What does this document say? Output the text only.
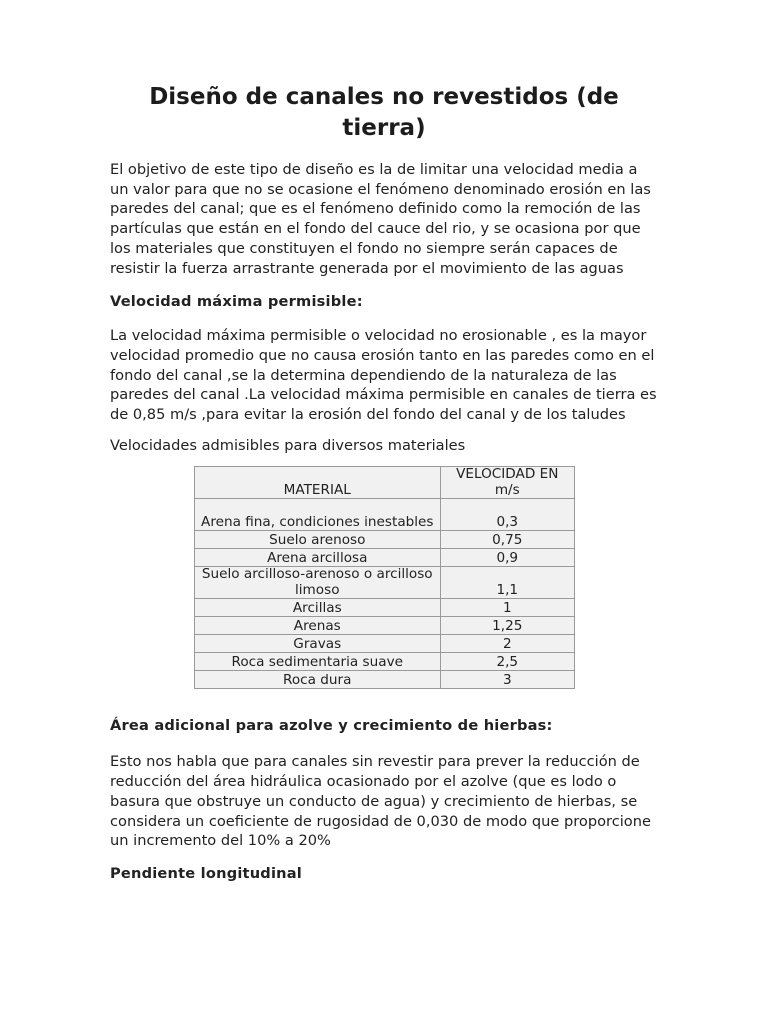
Diseño de canales no revestidos (de tierra)

El objetivo de este tipo de diseño es la de limitar una velocidad media a un valor para que no se ocasione el fenómeno denominado erosión en las paredes del canal; que es el fenómeno definido como la remoción de las partículas que están en el fondo del cauce del rio, y se ocasiona por que los materiales que constituyen el fondo no siempre serán capaces de resistir la fuerza arrastrante generada por el movimiento de las aguas

Velocidad máxima permisible:

La velocidad máxima permisible o velocidad no erosionable , es la mayor velocidad promedio que no causa erosión tanto en las paredes como en el fondo del canal ,se la determina dependiendo de la naturaleza de las paredes del canal .La velocidad máxima permisible en canales de tierra es de 0,85 m/s ,para evitar la erosión del fondo del canal y de los taludes

Velocidades admisibles para diversos materiales

MATERIAL	VELOCIDAD EN m/s
Arena fina, condiciones inestables	0,3
Suelo arenoso	0,75
Arena arcillosa	0,9
Suelo arcilloso-arenoso o arcilloso limoso	1,1
Arcillas	1
Arenas	1,25
Gravas	2
Roca sedimentaria suave	2,5
Roca dura	3
Área adicional para azolve y crecimiento de hierbas:

Esto nos habla que para canales sin revestir para prever la reducción de reducción del área hidráulica ocasionado por el azolve (que es lodo o basura que obstruye un conducto de agua) y crecimiento de hierbas, se considera un coeficiente de rugosidad de 0,030 de modo que proporcione un incremento del 10% a 20%

Pendiente longitudinal
